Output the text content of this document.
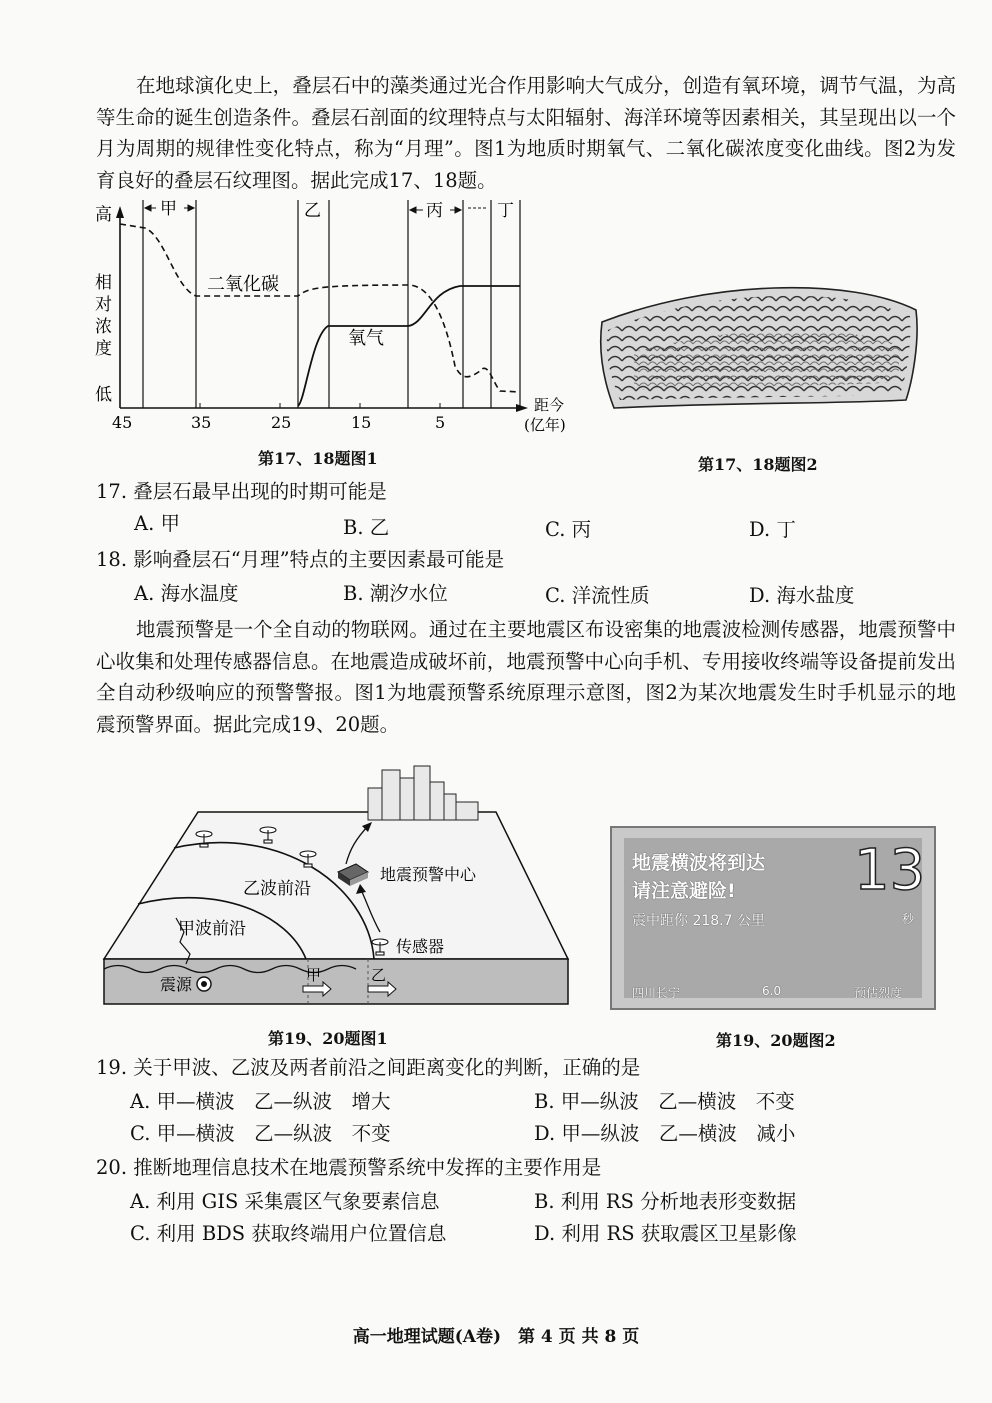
在地球演化史上，叠层石中的藻类通过光合作用影响大气成分，创造有氧环境，调节气温，为高等生命的诞生创造条件。叠层石剖面的纹理特点与太阳辐射、海洋环境等因素相关，其呈现出以一个月为周期的规律性变化特点，称为“月理”。图1为地质时期氧气、二氧化碳浓度变化曲线。图2为发育良好的叠层石纹理图。据此完成17、18题。

高
相
对
浓
度
低
45	35	25	15	5
距今
(亿年)
甲	乙	丙	丁
二氧化碳
氧气
第17、18题图1	第17、18题图2
17. 叠层石最早出现的时期可能是
A. 甲	B. 乙	C. 丙	D. 丁
18. 影响叠层石“月理”特点的主要因素最可能是
A. 海水温度	B. 潮汐水位	C. 洋流性质	D. 海水盐度

地震预警是一个全自动的物联网。通过在主要地震区布设密集的地震波检测传感器，地震预警中心收集和处理传感器信息。在地震造成破坏前，地震预警中心向手机、专用接收终端等设备提前发出全自动秒级响应的预警警报。图1为地震预警系统原理示意图，图2为某次地震发生时手机显示的地震预警界面。据此完成19、20题。

乙波前沿
甲波前沿
地震预警中心
传感器
震源	甲	乙
第19、20题图1
地震横波将到达
请注意避险!
震中距你 218.7 公里
13
秒
四川长宁	6.0	预估烈度
第19、20题图2
19. 关于甲波、乙波及两者前沿之间距离变化的判断，正确的是
A. 甲—横波　乙—纵波　增大	B. 甲—纵波　乙—横波　不变
C. 甲—横波　乙—纵波　不变	D. 甲—纵波　乙—横波　减小
20. 推断地理信息技术在地震预警系统中发挥的主要作用是
A. 利用 GIS 采集震区气象要素信息	B. 利用 RS 分析地表形变数据
C. 利用 BDS 获取终端用户位置信息	D. 利用 RS 获取震区卫星影像
高一地理试题(A卷)　第 4 页 共 8 页
